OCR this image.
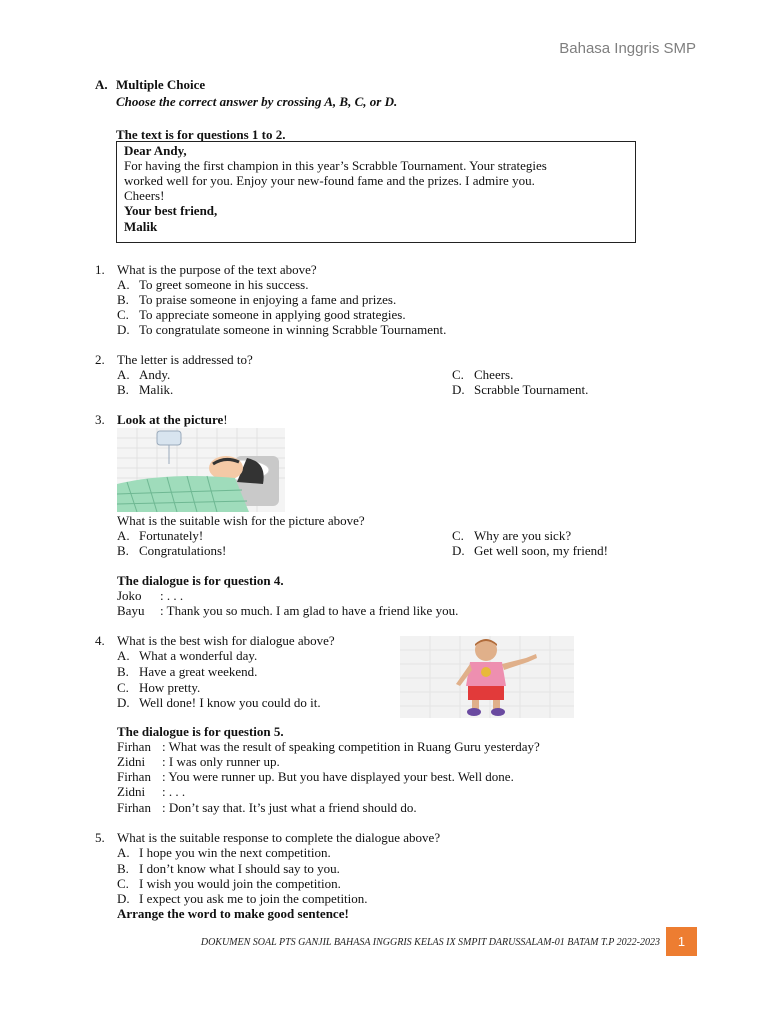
Bahasa Inggris SMP
A. Multiple Choice
Choose the correct answer by crossing A, B, C, or D.
The text is for questions 1 to 2.
Dear Andy,
For having the first champion in this year’s Scrabble Tournament. Your strategies
worked well for you. Enjoy your new-found fame and the prizes. I admire you.
Cheers!
Your best friend,
Malik
1. What is the purpose of the text above?
A. To greet someone in his success.
B. To praise someone in enjoying a fame and prizes.
C. To appreciate someone in applying good strategies.
D. To congratulate someone in winning Scrabble Tournament.
2. The letter is addressed to?
A. Andy.
B. Malik.
C. Cheers.
D. Scrabble Tournament.
3. Look at the picture!
What is the suitable wish for the picture above?
A. Fortunately!
B. Congratulations!
C. Why are you sick?
D. Get well soon, my friend!
The dialogue is for question 4.
Joko : . . .
Bayu : Thank you so much. I am glad to have a friend like you.
4. What is the best wish for dialogue above?
A. What a wonderful day.
B. Have a great weekend.
C. How pretty.
D. Well done! I know you could do it.
The dialogue is for question 5.
Firhan : What was the result of speaking competition in Ruang Guru yesterday?
Zidni : I was only runner up.
Firhan : You were runner up. But you have displayed your best. Well done.
Zidni : . . .
Firhan : Don’t say that. It’s just what a friend should do.
5. What is the suitable response to complete the dialogue above?
A. I hope you win the next competition.
B. I don’t know what I should say to you.
C. I wish you would join the competition.
D. I expect you ask me to join the competition.
Arrange the word to make good sentence!
DOKUMEN SOAL PTS GANJIL BAHASA INGGRIS KELAS IX SMPIT DARUSSALAM-01 BATAM T.P 2022-2023	1
